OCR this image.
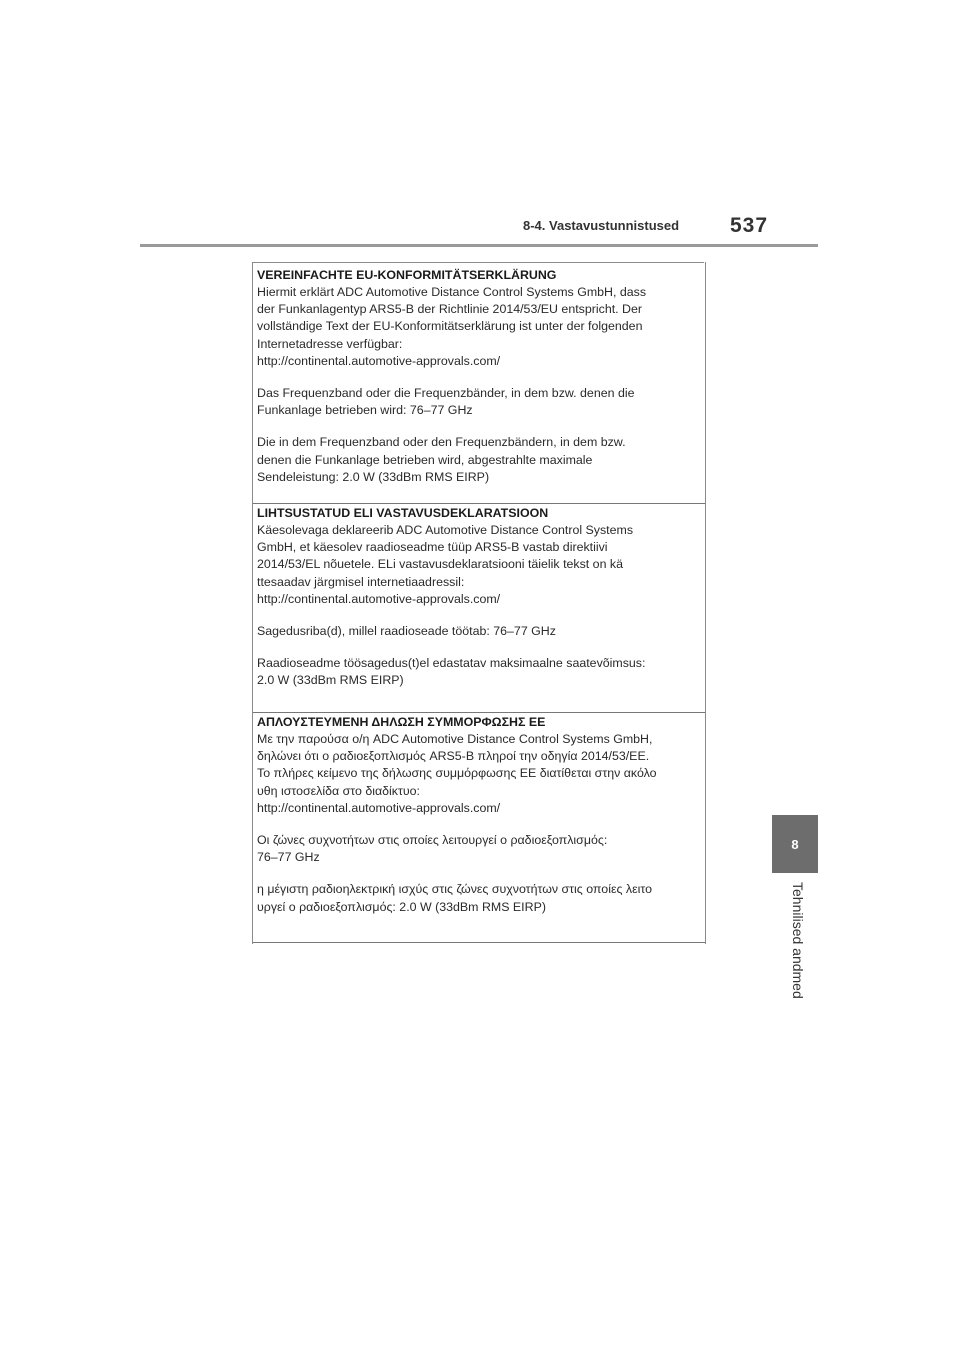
8-4. Vastavustunnistused 537
8
Tehnilised andmed
VEREINFACHTE EU-KONFORMITÄTSERKLÄRUNG
Hiermit erklärt ADC Automotive Distance Control Systems GmbH, dass
der Funkanlagentyp ARS5-B der Richtlinie 2014/53/EU entspricht. Der
vollständige Text der EU-Konformitätserklärung ist unter der folgenden
Internetadresse verfügbar:
http://continental.automotive-approvals.com/
Das Frequenzband oder die Frequenzbänder, in dem bzw. denen die
Funkanlage betrieben wird: 76–77 GHz
Die in dem Frequenzband oder den Frequenzbändern, in dem bzw.
denen die Funkanlage betrieben wird, abgestrahlte maximale
Sendeleistung: 2.0 W (33dBm RMS EIRP)
LIHTSUSTATUD ELI VASTAVUSDEKLARATSIOON
Käesolevaga deklareerib ADC Automotive Distance Control Systems
GmbH, et käesolev raadioseadme tüüp ARS5-B vastab direktiivi
2014/53/EL nõuetele. ELi vastavusdeklaratsiooni täielik tekst on kä
ttesaadav järgmisel internetiaadressil:
http://continental.automotive-approvals.com/
Sagedusriba(d), millel raadioseade töötab: 76–77 GHz
Raadioseadme töösagedus(t)el edastatav maksimaalne saatevõimsus:
2.0 W (33dBm RMS EIRP)
ΑΠΛΟΥΣΤΕΥΜΕΝΗ ΔΗΛΩΣΗ ΣΥΜΜΟΡΦΩΣΗΣ ΕΕ
Με την παρούσα ο/η ADC Automotive Distance Control Systems GmbH,
δηλώνει ότι ο ραδιοεξοπλισμός ARS5-B πληροί την οδηγία 2014/53/ΕΕ.
Το πλήρες κείμενο της δήλωσης συμμόρφωσης ΕΕ διατίθεται στην ακόλο
υθη ιστοσελίδα στο διαδίκτυο:
http://continental.automotive-approvals.com/
Οι ζώνες συχνοτήτων στις οποίες λειτουργεί ο ραδιοεξοπλισμός:
76–77 GHz
η μέγιστη ραδιοηλεκτρική ισχύς στις ζώνες συχνοτήτων στις οποίες λειτο
υργεί ο ραδιοεξοπλισμός: 2.0 W (33dBm RMS EIRP)
